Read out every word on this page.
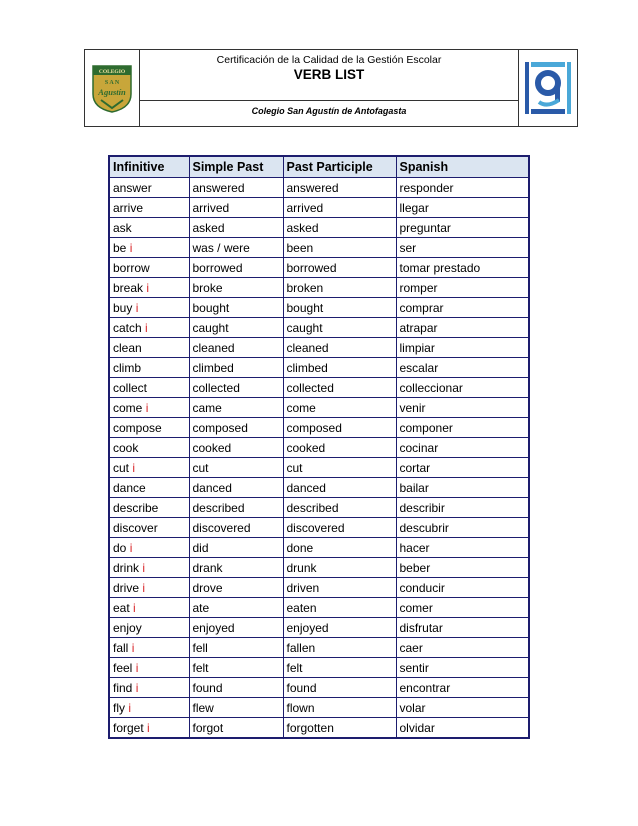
COLEGIO
S A N
Agustín
Certificación de la Calidad de la Gestión Escolar
VERB LIST
Colegio San Agustín de Antofagasta
Infinitive	Simple Past	Past Participle	Spanish
answer	answered	answered	responder
arrive	arrived	arrived	llegar
ask	asked	asked	preguntar
be i	was / were	been	ser
borrow	borrowed	borrowed	tomar prestado
break i	broke	broken	romper
buy i	bought	bought	comprar
catch i	caught	caught	atrapar
clean	cleaned	cleaned	limpiar
climb	climbed	climbed	escalar
collect	collected	collected	colleccionar
come i	came	come	venir
compose	composed	composed	componer
cook	cooked	cooked	cocinar
cut i	cut	cut	cortar
dance	danced	danced	bailar
describe	described	described	describir
discover	discovered	discovered	descubrir
do i	did	done	hacer
drink i	drank	drunk	beber
drive i	drove	driven	conducir
eat i	ate	eaten	comer
enjoy	enjoyed	enjoyed	disfrutar
fall i	fell	fallen	caer
feel i	felt	felt	sentir
find i	found	found	encontrar
fly i	flew	flown	volar
forget i	forgot	forgotten	olvidar
